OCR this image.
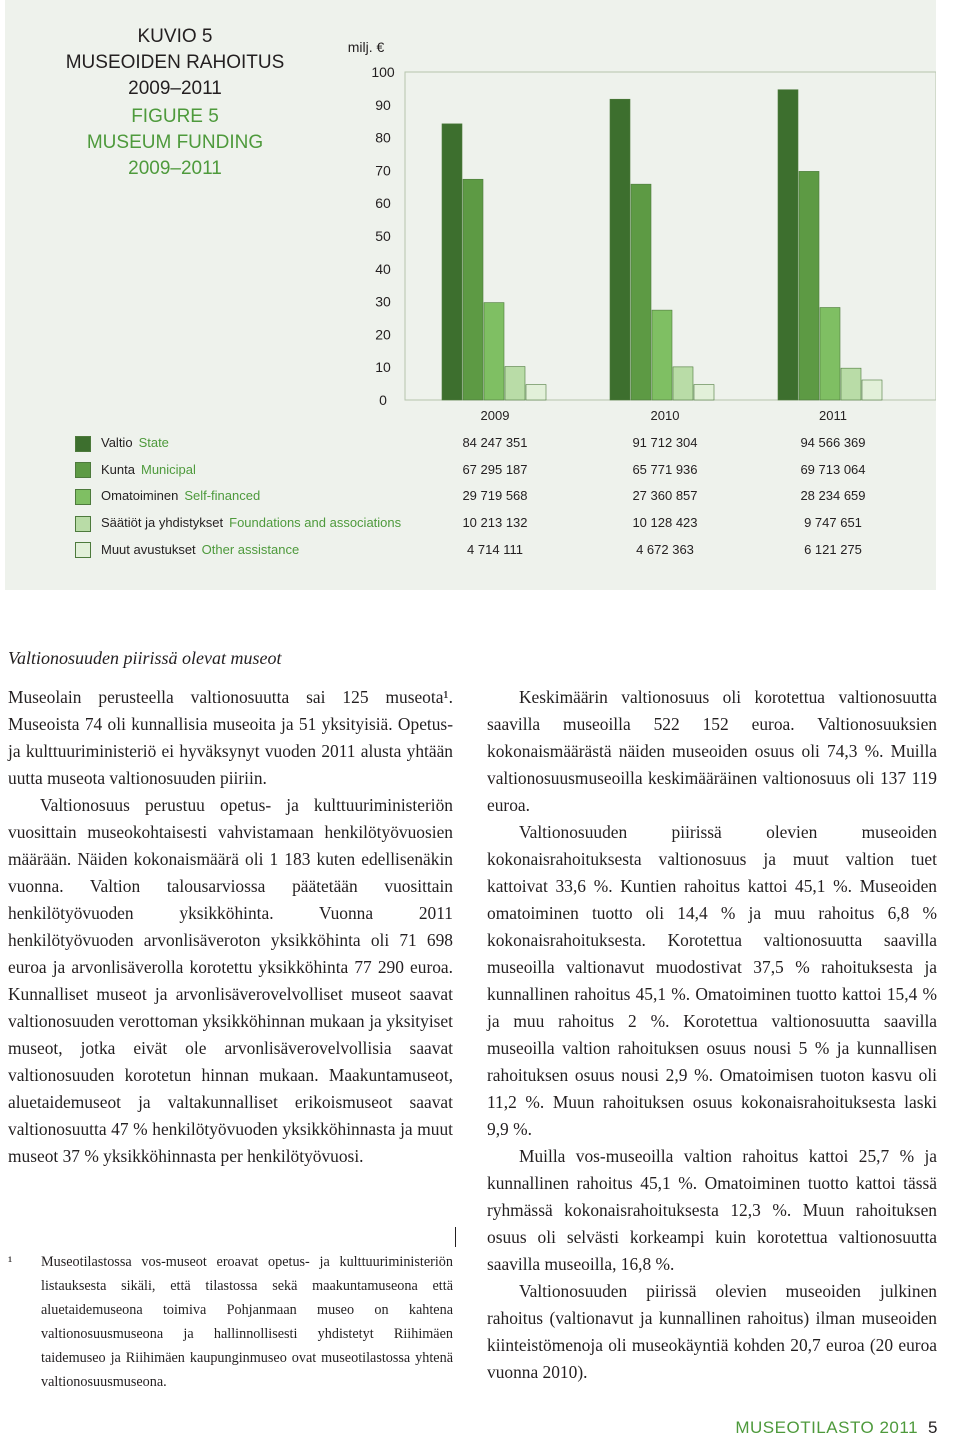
KUVIO 5
MUSEOIDEN RAHOITUS
2009–2011
FIGURE 5
MUSEUM FUNDING
2009–2011
milj. €
0
10
20
30
40
50
60
70
80
90
100
2009	2010	2011
Valtio State	84 247 351	91 712 304	94 566 369
Kunta Municipal	67 295 187	65 771 936	69 713 064
Omatoiminen Self-financed	29 719 568	27 360 857	28 234 659
Säätiöt ja yhdistykset Foundations and associations	10 213 132	10 128 423	9 747 651
Muut avustukset Other assistance	4 714 111	4 672 363	6 121 275
Valtionosuuden piirissä olevat museot

Museolain perusteella valtionosuutta sai 125 museota¹. Museoista 74 oli kunnallisia museoita ja 51 yksityisiä. Opetus- ja kulttuuriministeriö ei hyväksynyt vuoden 2011 alusta yhtään uutta museota valtionosuuden piiriin.

Valtionosuus perustuu opetus- ja kulttuuriministeriön vuosittain museokohtaisesti vahvistamaan henkilötyövuosien määrään. Näiden kokonaismäärä oli 1 183 kuten edellisenäkin vuonna. Valtion talousarviossa päätetään vuosittain henkilötyövuoden yksikköhinta. Vuonna 2011 henkilötyövuoden arvonlisäveroton yksikköhinta oli 71 698 euroa ja arvonlisäverolla korotettu yksikköhinta 77 290 euroa. Kunnalliset museot ja arvonlisäverovelvolliset museot saavat valtionosuuden verottoman yksikköhinnan mukaan ja yksityiset museot, jotka eivät ole arvonlisäverovelvollisia saavat valtionosuuden korotetun hinnan mukaan. Maakuntamuseot, aluetaidemuseot ja valtakunnalliset erikoismuseot saavat valtionosuutta 47 % henkilötyövuoden yksikköhinnasta ja muut museot 37 % yksikköhinnasta per henkilötyövuosi.

¹ Museotilastossa vos-museot eroavat opetus- ja kulttuuriministeriön listauksesta sikäli, että tilastossa sekä maakuntamuseona että aluetaidemuseona toimiva Pohjanmaan museo on kahtena valtionosuusmuseona ja hallinnollisesti yhdistetyt Riihimäen taidemuseo ja Riihimäen kaupunginmuseo ovat museotilastossa yhtenä valtionosuusmuseona.

Keskimäärin valtionosuus oli korotettua valtionosuutta saavilla museoilla 522 152 euroa. Valtionosuuksien kokonaismäärästä näiden museoiden osuus oli 74,3 %. Muilla valtionosuusmuseoilla keskimääräinen valtionosuus oli 137 119 euroa.

Valtionosuuden piirissä olevien museoiden kokonaisrahoituksesta valtionosuus ja muut valtion tuet kattoivat 33,6 %. Kuntien rahoitus kattoi 45,1 %. Museoiden omatoiminen tuotto oli 14,4 % ja muu rahoitus 6,8 % kokonaisrahoituksesta. Korotettua valtionosuutta saavilla museoilla valtionavut muodostivat 37,5 % rahoituksesta ja kunnallinen rahoitus 45,1 %. Omatoiminen tuotto kattoi 15,4 % ja muu rahoitus 2 %. Korotettua valtionosuutta saavilla museoilla valtion rahoituksen osuus nousi 5 % ja kunnallisen rahoituksen osuus nousi 2,9 %. Omatoimisen tuoton kasvu oli 11,2 %. Muun rahoituksen osuus kokonaisrahoituksesta laski 9,9 %.

Muilla vos-museoilla valtion rahoitus kattoi 25,7 % ja kunnallinen rahoitus 45,1 %. Omatoiminen tuotto kattoi tässä ryhmässä kokonaisrahoituksesta 12,3 %. Muun rahoituksen osuus oli selvästi korkeampi kuin korotettua valtionosuutta saavilla museoilla, 16,8 %.

Valtionosuuden piirissä olevien museoiden julkinen rahoitus (valtionavut ja kunnallinen rahoitus) ilman museoiden kiinteistömenoja oli museokäyntiä kohden 20,7 euroa (20 euroa vuonna 2010).

MUSEOTILASTO 2011 5
